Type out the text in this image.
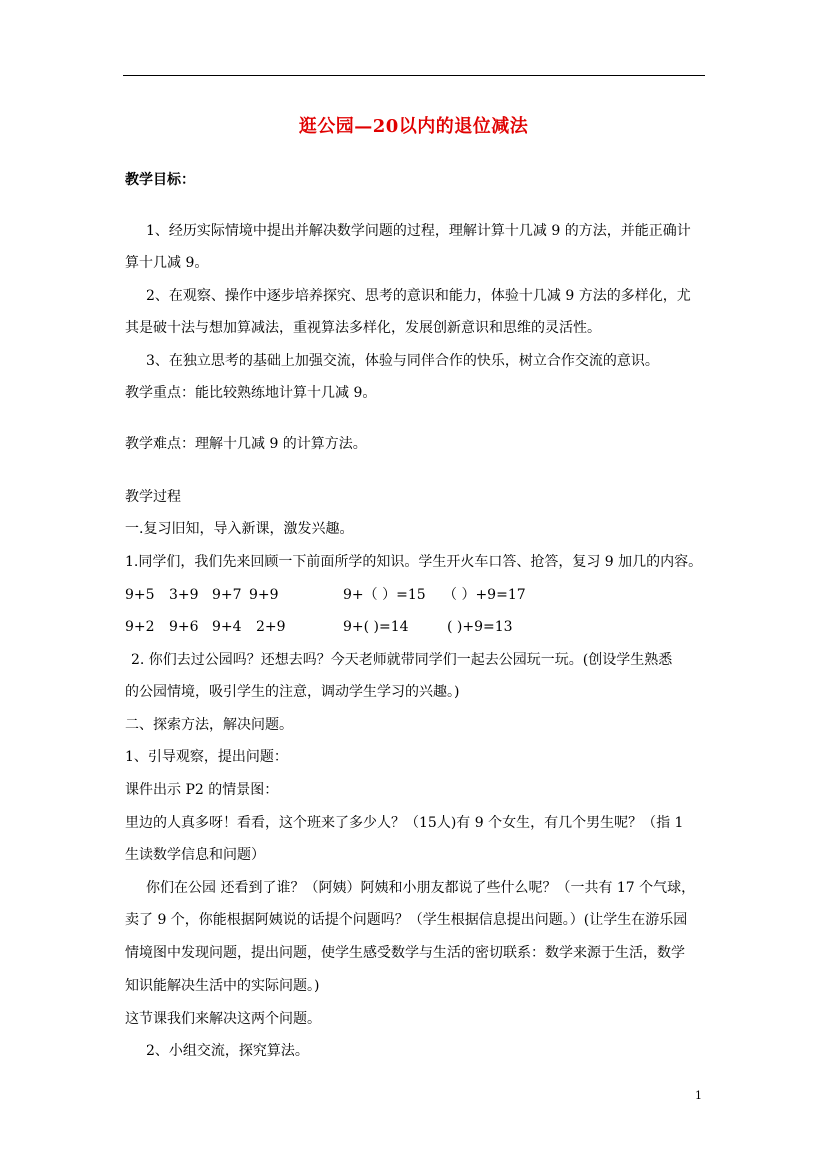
逛公园—20以内的退位减法
教学目标：
1、经历实际情境中提出并解决数学问题的过程，理解计算十几减 9 的方法，并能正确计
算十几减 9。
2、在观察、操作中逐步培养探究、思考的意识和能力，体验十几减 9 方法的多样化，尤
其是破十法与想加算减法，重视算法多样化，发展创新意识和思维的灵活性。
3、在独立思考的基础上加强交流，体验与同伴合作的快乐，树立合作交流的意识。
教学重点：能比较熟练地计算十几减 9。
教学难点：理解十几减 9 的计算方法。
教学过程
一.复习旧知，导入新课，激发兴趣。
1.同学们，我们先来回顾一下前面所学的知识。学生开火车口答、抢答，复习 9 加几的内容。
9+5 3+9 9+7 9+9	9+（ ）=15 （ ）+9=17
9+2 9+6 9+4 2+9	9+( )=14	( )+9=13
2. 你们去过公园吗？还想去吗？今天老师就带同学们一起去公园玩一玩。(创设学生熟悉
的公园情境，吸引学生的注意，调动学生学习的兴趣。)
二、探索方法，解决问题。
1、引导观察，提出问题：
课件出示 P2 的情景图：
里边的人真多呀！看看，这个班来了多少人？（15人)有 9 个女生，有几个男生呢？（指 1
生读数学信息和问题）
你们在公园 还看到了谁？（阿姨）阿姨和小朋友都说了些什么呢？（一共有 17 个气球，
卖了 9 个，你能根据阿姨说的话提个问题吗？（学生根据信息提出问题。）(让学生在游乐园
情境图中发现问题，提出问题，使学生感受数学与生活的密切联系：数学来源于生活，数学
知识能解决生活中的实际问题。)
这节课我们来解决这两个问题。
2、小组交流，探究算法。
1
